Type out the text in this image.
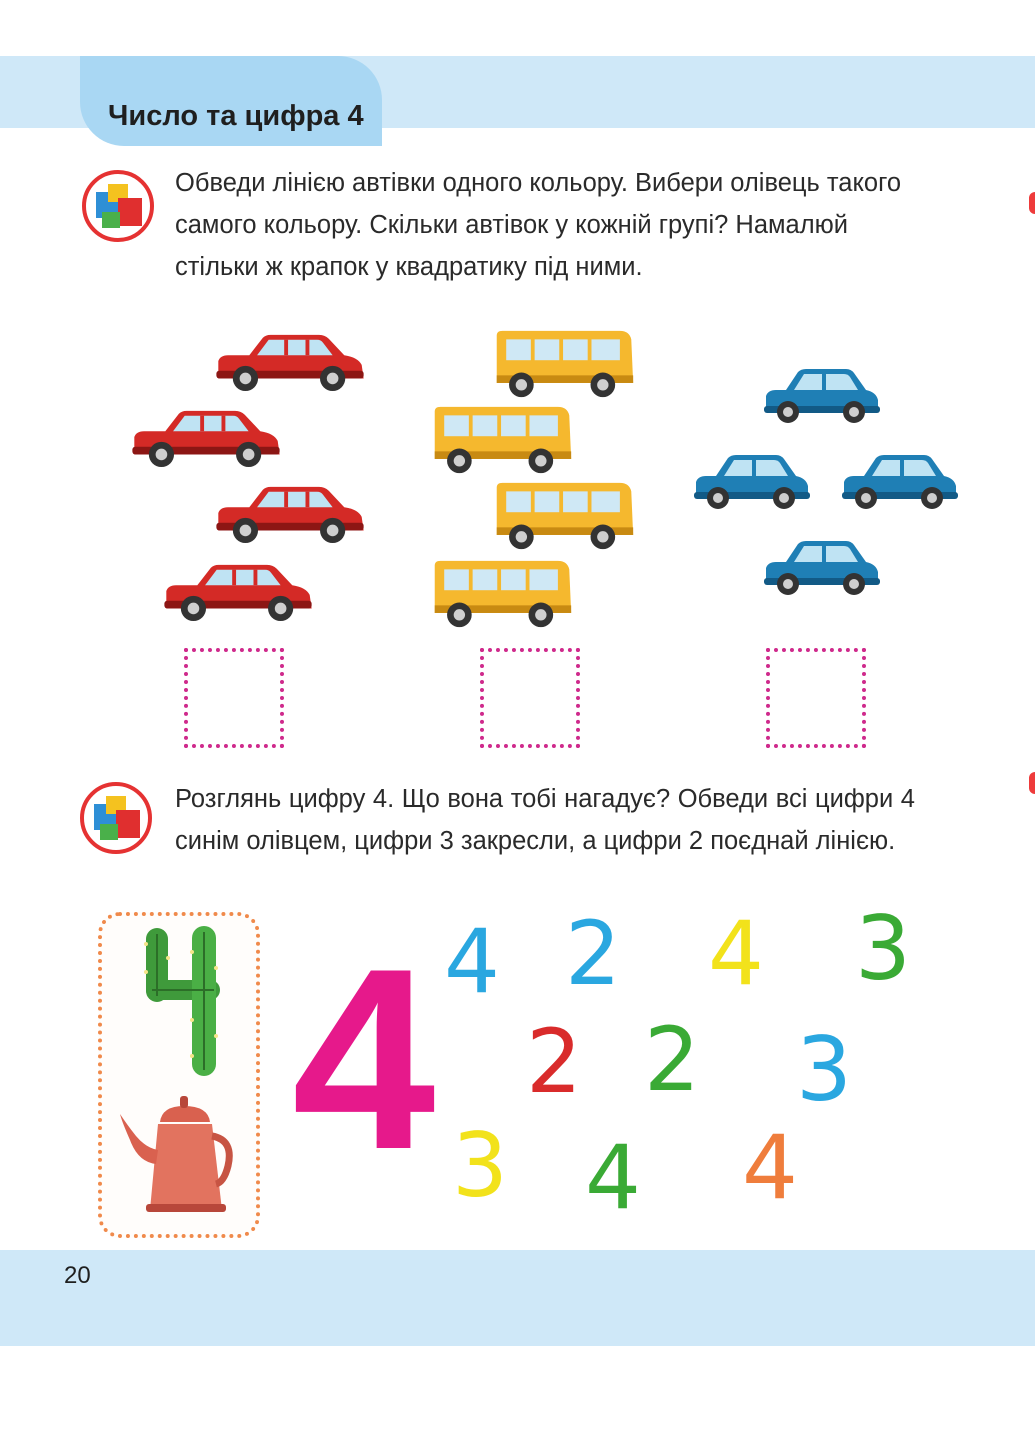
Число та цифра 4
Обведи лінією автівки одного кольору. Вибери олівець такого самого кольору. Скільки автівок у кожній групі? Намалюй стільки ж крапок у квадратику під ними.
Розглянь цифру 4. Що вона тобі нагадує? Обведи всі цифри 4 синім олівцем, цифри 3 закресли, а цифри 2 поєднай лінією.
4 4 2 4 3
2 2 3
3 4 4
20
